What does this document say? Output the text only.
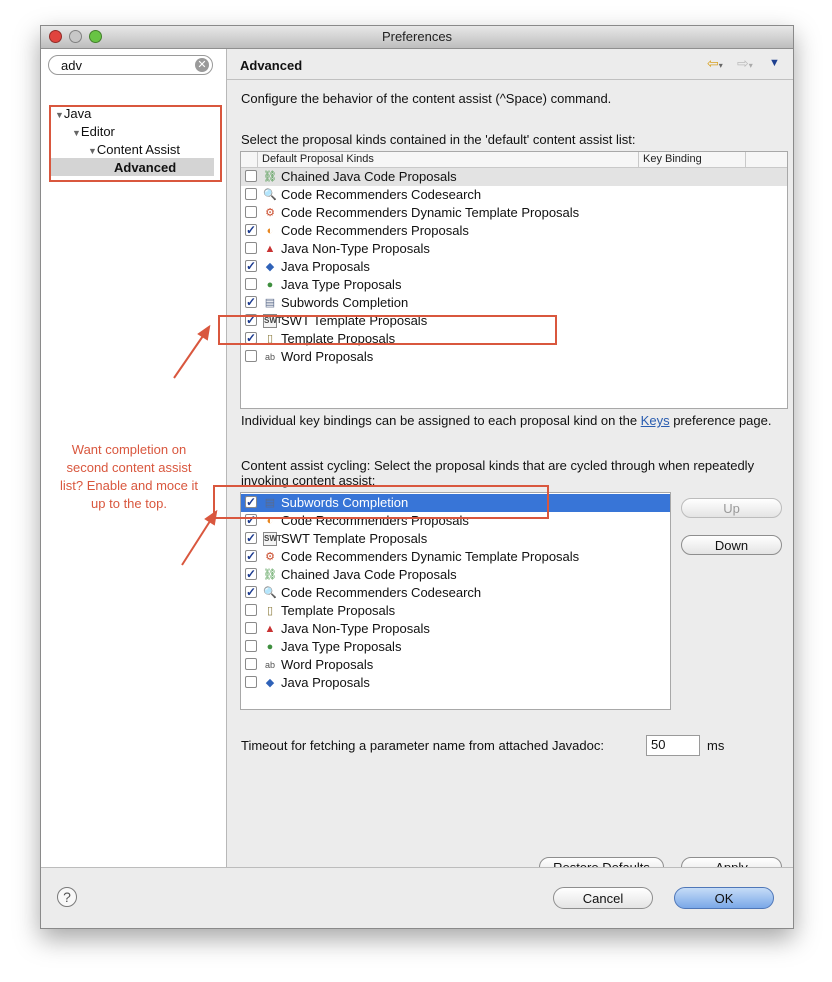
Preferences
adv	✕
▼Java
▼Editor
▼Content Assist
Advanced
Advanced	⇦▾ ⇨▾ ▼
Configure the behavior of the content assist (^Space) command.
Select the proposal kinds contained in the 'default' content assist list:
Default Proposal Kinds	Key Binding
⛓ Chained Java Code Proposals
🔍 Code Recommenders Codesearch
⚙ Code Recommenders Dynamic Template Proposals
✓ ◐ Code Recommenders Proposals
▲ Java Non-Type Proposals
✓ ◆ Java Proposals
● Java Type Proposals
✓ ▤ Subwords Completion
✓ SWT SWT Template Proposals
✓ ▯ Template Proposals
ab Word Proposals
Individual key bindings can be assigned to each proposal kind on the Keys preference page.
Content assist cycling: Select the proposal kinds that are cycled through when repeatedly
invoking content assist:
✓ ▤ Subwords Completion
✓ ◐ Code Recommenders Proposals
✓ SWT SWT Template Proposals
✓ ⚙ Code Recommenders Dynamic Template Proposals
✓ ⛓ Chained Java Code Proposals
✓ 🔍 Code Recommenders Codesearch
▯ Template Proposals
▲ Java Non-Type Proposals
● Java Type Proposals
ab Word Proposals
◆ Java Proposals
Up
Down
Timeout for fetching a parameter name from attached Javadoc:	50	ms
?	Cancel	OK
Want completion on
second content assist
list? Enable and moce it
up to the top.
